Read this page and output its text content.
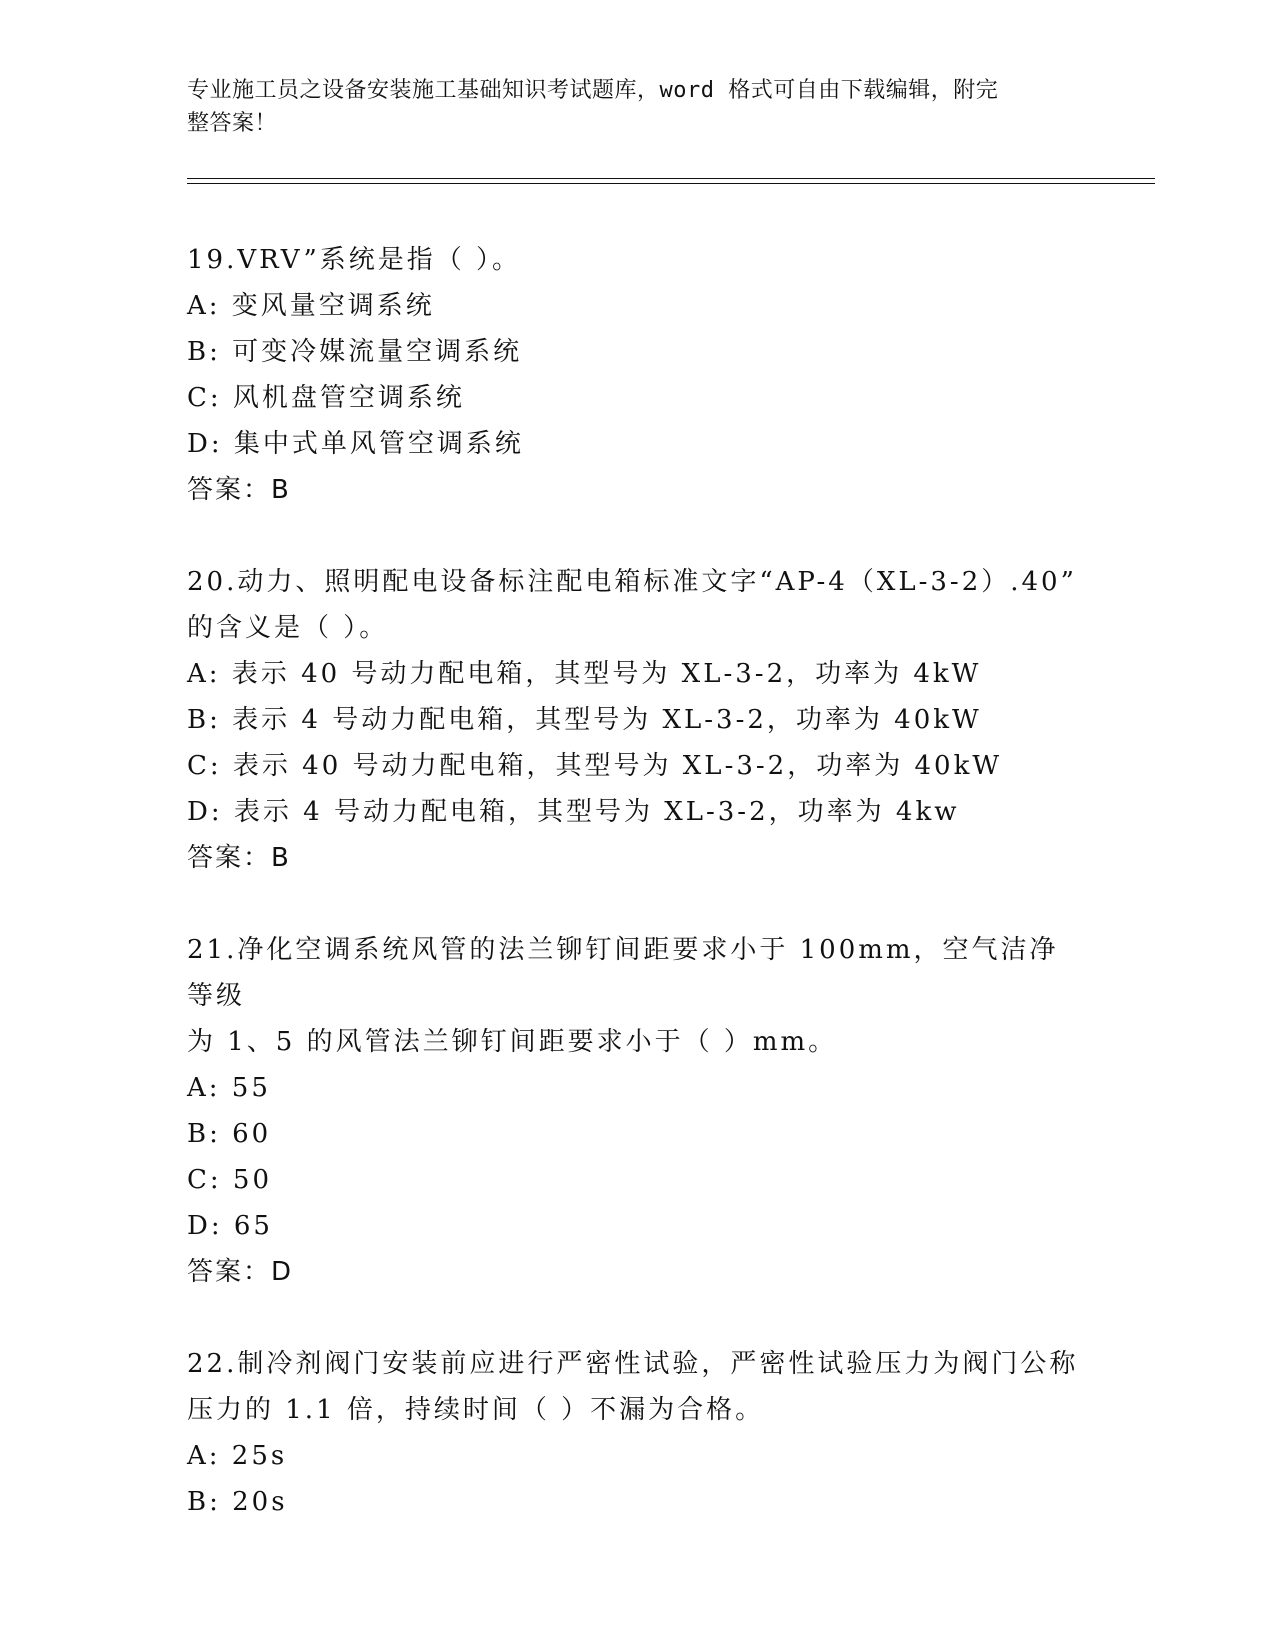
专业施工员之设备安装施工基础知识考试题库，word 格式可自由下载编辑，附完
整答案！
19.VRV”系统是指（ ）。
A: 变风量空调系统
B: 可变冷媒流量空调系统
C: 风机盘管空调系统
D: 集中式单风管空调系统
答案：B
20.动力、照明配电设备标注配电箱标准文字“AP-4（XL-3-2）.40”
的含义是（ ）。
A: 表示 40 号动力配电箱，其型号为 XL-3-2，功率为 4kW
B: 表示 4 号动力配电箱，其型号为 XL-3-2，功率为 40kW
C: 表示 40 号动力配电箱，其型号为 XL-3-2，功率为 40kW
D: 表示 4 号动力配电箱，其型号为 XL-3-2，功率为 4kw
答案：B
21.净化空调系统风管的法兰铆钉间距要求小于 100mm，空气洁净等级
为 1、5 的风管法兰铆钉间距要求小于（ ）mm。
A: 55
B: 60
C: 50
D: 65
答案：D
22.制冷剂阀门安装前应进行严密性试验，严密性试验压力为阀门公称
压力的 1.1 倍，持续时间（ ）不漏为合格。
A: 25s
B: 20s
